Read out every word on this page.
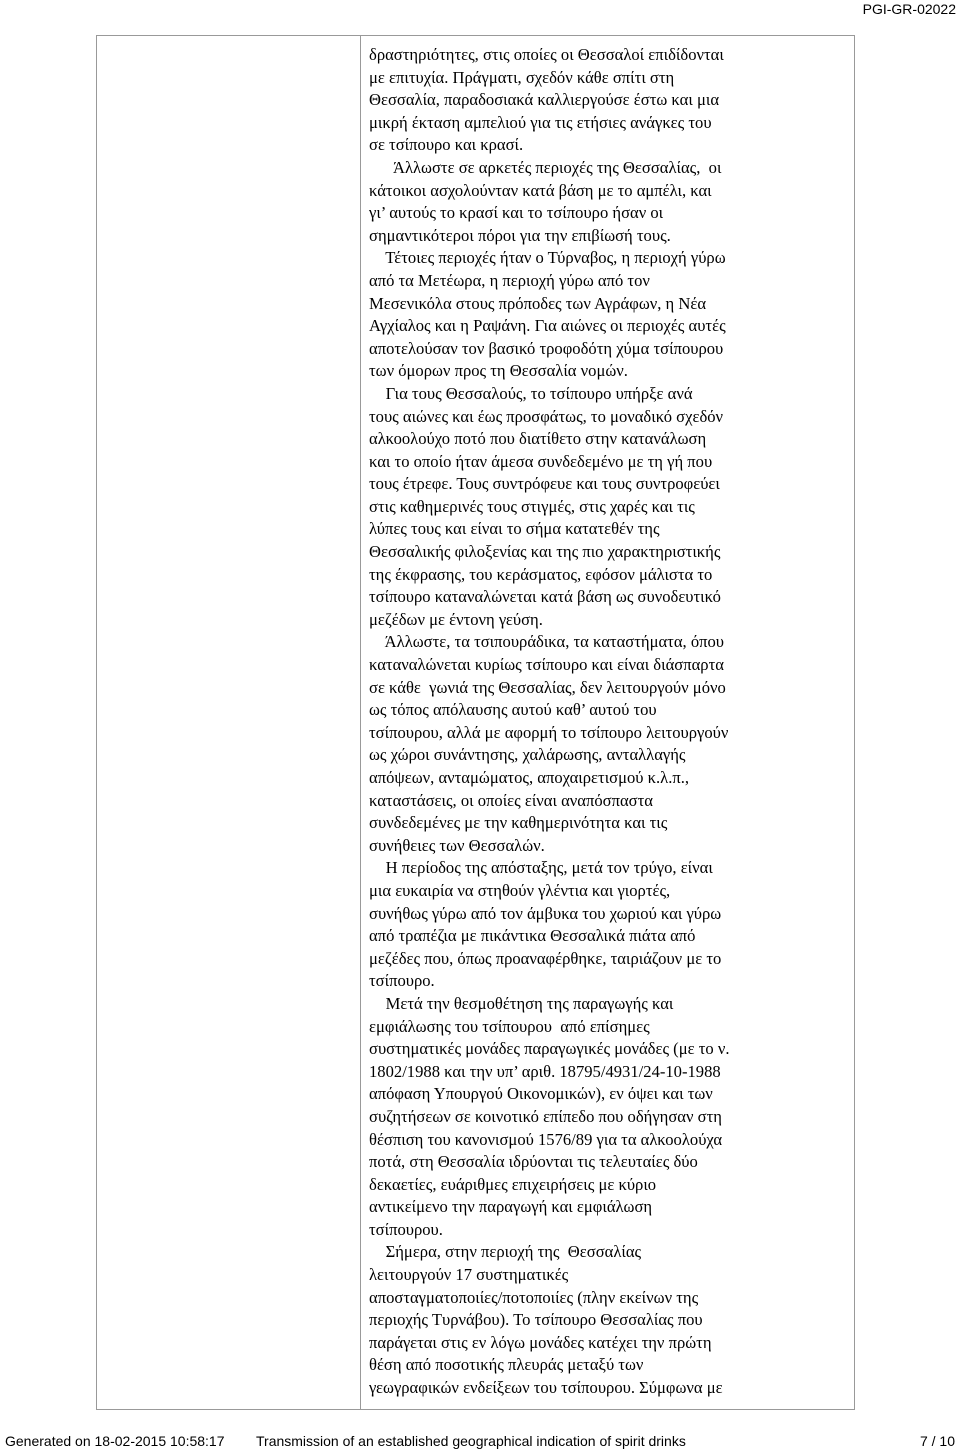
PGI-GR-02022
δραστηριότητες, στις οποίες οι Θεσσαλοί επιδίδονται
με επιτυχία. Πράγματι, σχεδόν κάθε σπίτι στη
Θεσσαλία, παραδοσιακά καλλιεργούσε έστω και μια
μικρή έκταση αμπελιού για τις ετήσιες ανάγκες του
σε τσίπουρο και κρασί.
Άλλωστε σε αρκετές περιοχές της Θεσσαλίας,  οι
κάτοικοι ασχολούνταν κατά βάση με το αμπέλι, και
γι’ αυτούς το κρασί και το τσίπουρο ήσαν οι
σημαντικότεροι πόροι για την επιβίωσή τους.
Τέτοιες περιοχές ήταν ο Τύρναβος, η περιοχή γύρω
από τα Μετέωρα, η περιοχή γύρω από τον
Μεσενικόλα στους πρόποδες των Αγράφων, η Νέα
Αγχίαλος και η Ραψάνη. Για αιώνες οι περιοχές αυτές
αποτελούσαν τον βασικό τροφοδότη χύμα τσίπουρου
των όμορων προς τη Θεσσαλία νομών.
Για τους Θεσσαλούς, το τσίπουρο υπήρξε ανά
τους αιώνες και έως προσφάτως, το μοναδικό σχεδόν
αλκοολούχο ποτό που διατίθετο στην κατανάλωση
και το οποίο ήταν άμεσα συνδεδεμένο με τη γή που
τους έτρεφε. Τους συντρόφευε και τους συντροφεύει
στις καθημερινές τους στιγμές, στις χαρές και τις
λύπες τους και είναι το σήμα κατατεθέν της
Θεσσαλικής φιλοξενίας και της πιο χαρακτηριστικής
της έκφρασης, του κεράσματος, εφόσον μάλιστα το
τσίπουρο καταναλώνεται κατά βάση ως συνοδευτικό
μεζέδων με έντονη γεύση.
Άλλωστε, τα τσιπουράδικα, τα καταστήματα, όπου
καταναλώνεται κυρίως τσίπουρο και είναι διάσπαρτα
σε κάθε  γωνιά της Θεσσαλίας, δεν λειτουργούν μόνο
ως τόπος απόλαυσης αυτού καθ’ αυτού του
τσίπουρου, αλλά με αφορμή το τσίπουρο λειτουργούν
ως χώροι συνάντησης, χαλάρωσης, ανταλλαγής
απόψεων, ανταμώματος, αποχαιρετισμού κ.λ.π.,
καταστάσεις, οι οποίες είναι αναπόσπαστα
συνδεδεμένες με την καθημερινότητα και τις
συνήθειες των Θεσσαλών.
Η περίοδος της απόσταξης, μετά τον τρύγο, είναι
μια ευκαιρία να στηθούν γλέντια και γιορτές,
συνήθως γύρω από τον άμβυκα του χωριού και γύρω
από τραπέζια με πικάντικα Θεσσαλικά πιάτα από
μεζέδες που, όπως προαναφέρθηκε, ταιριάζουν με το
τσίπουρο.
Μετά την θεσμοθέτηση της παραγωγής και
εμφιάλωσης του τσίπουρου  από επίσημες
συστηματικές μονάδες παραγωγικές μονάδες (με το ν.
1802/1988 και την υπ’ αριθ. 18795/4931/24-10-1988
απόφαση Υπουργού Οικονομικών), εν όψει και των
συζητήσεων σε κοινοτικό επίπεδο που οδήγησαν στη
θέσπιση του κανονισμού 1576/89 για τα αλκοολούχα
ποτά, στη Θεσσαλία ιδρύονται τις τελευταίες δύο
δεκαετίες, ευάριθμες επιχειρήσεις με κύριο
αντικείμενο την παραγωγή και εμφιάλωση
τσίπουρου.
Σήμερα, στην περιοχή της  Θεσσαλίας
λειτουργούν 17 συστηματικές
αποσταγματοποιίες/ποτοποιίες (πλην εκείνων της
περιοχής Τυρνάβου). Το τσίπουρο Θεσσαλίας που
παράγεται στις εν λόγω μονάδες κατέχει την πρώτη
θέση από ποσοτικής πλευράς μεταξύ των
γεωγραφικών ενδείξεων του τσίπουρου. Σύμφωνα με
Generated on 18-02-2015 10:58:17 Transmission of an established geographical indication of spirit drinks	7 / 10
